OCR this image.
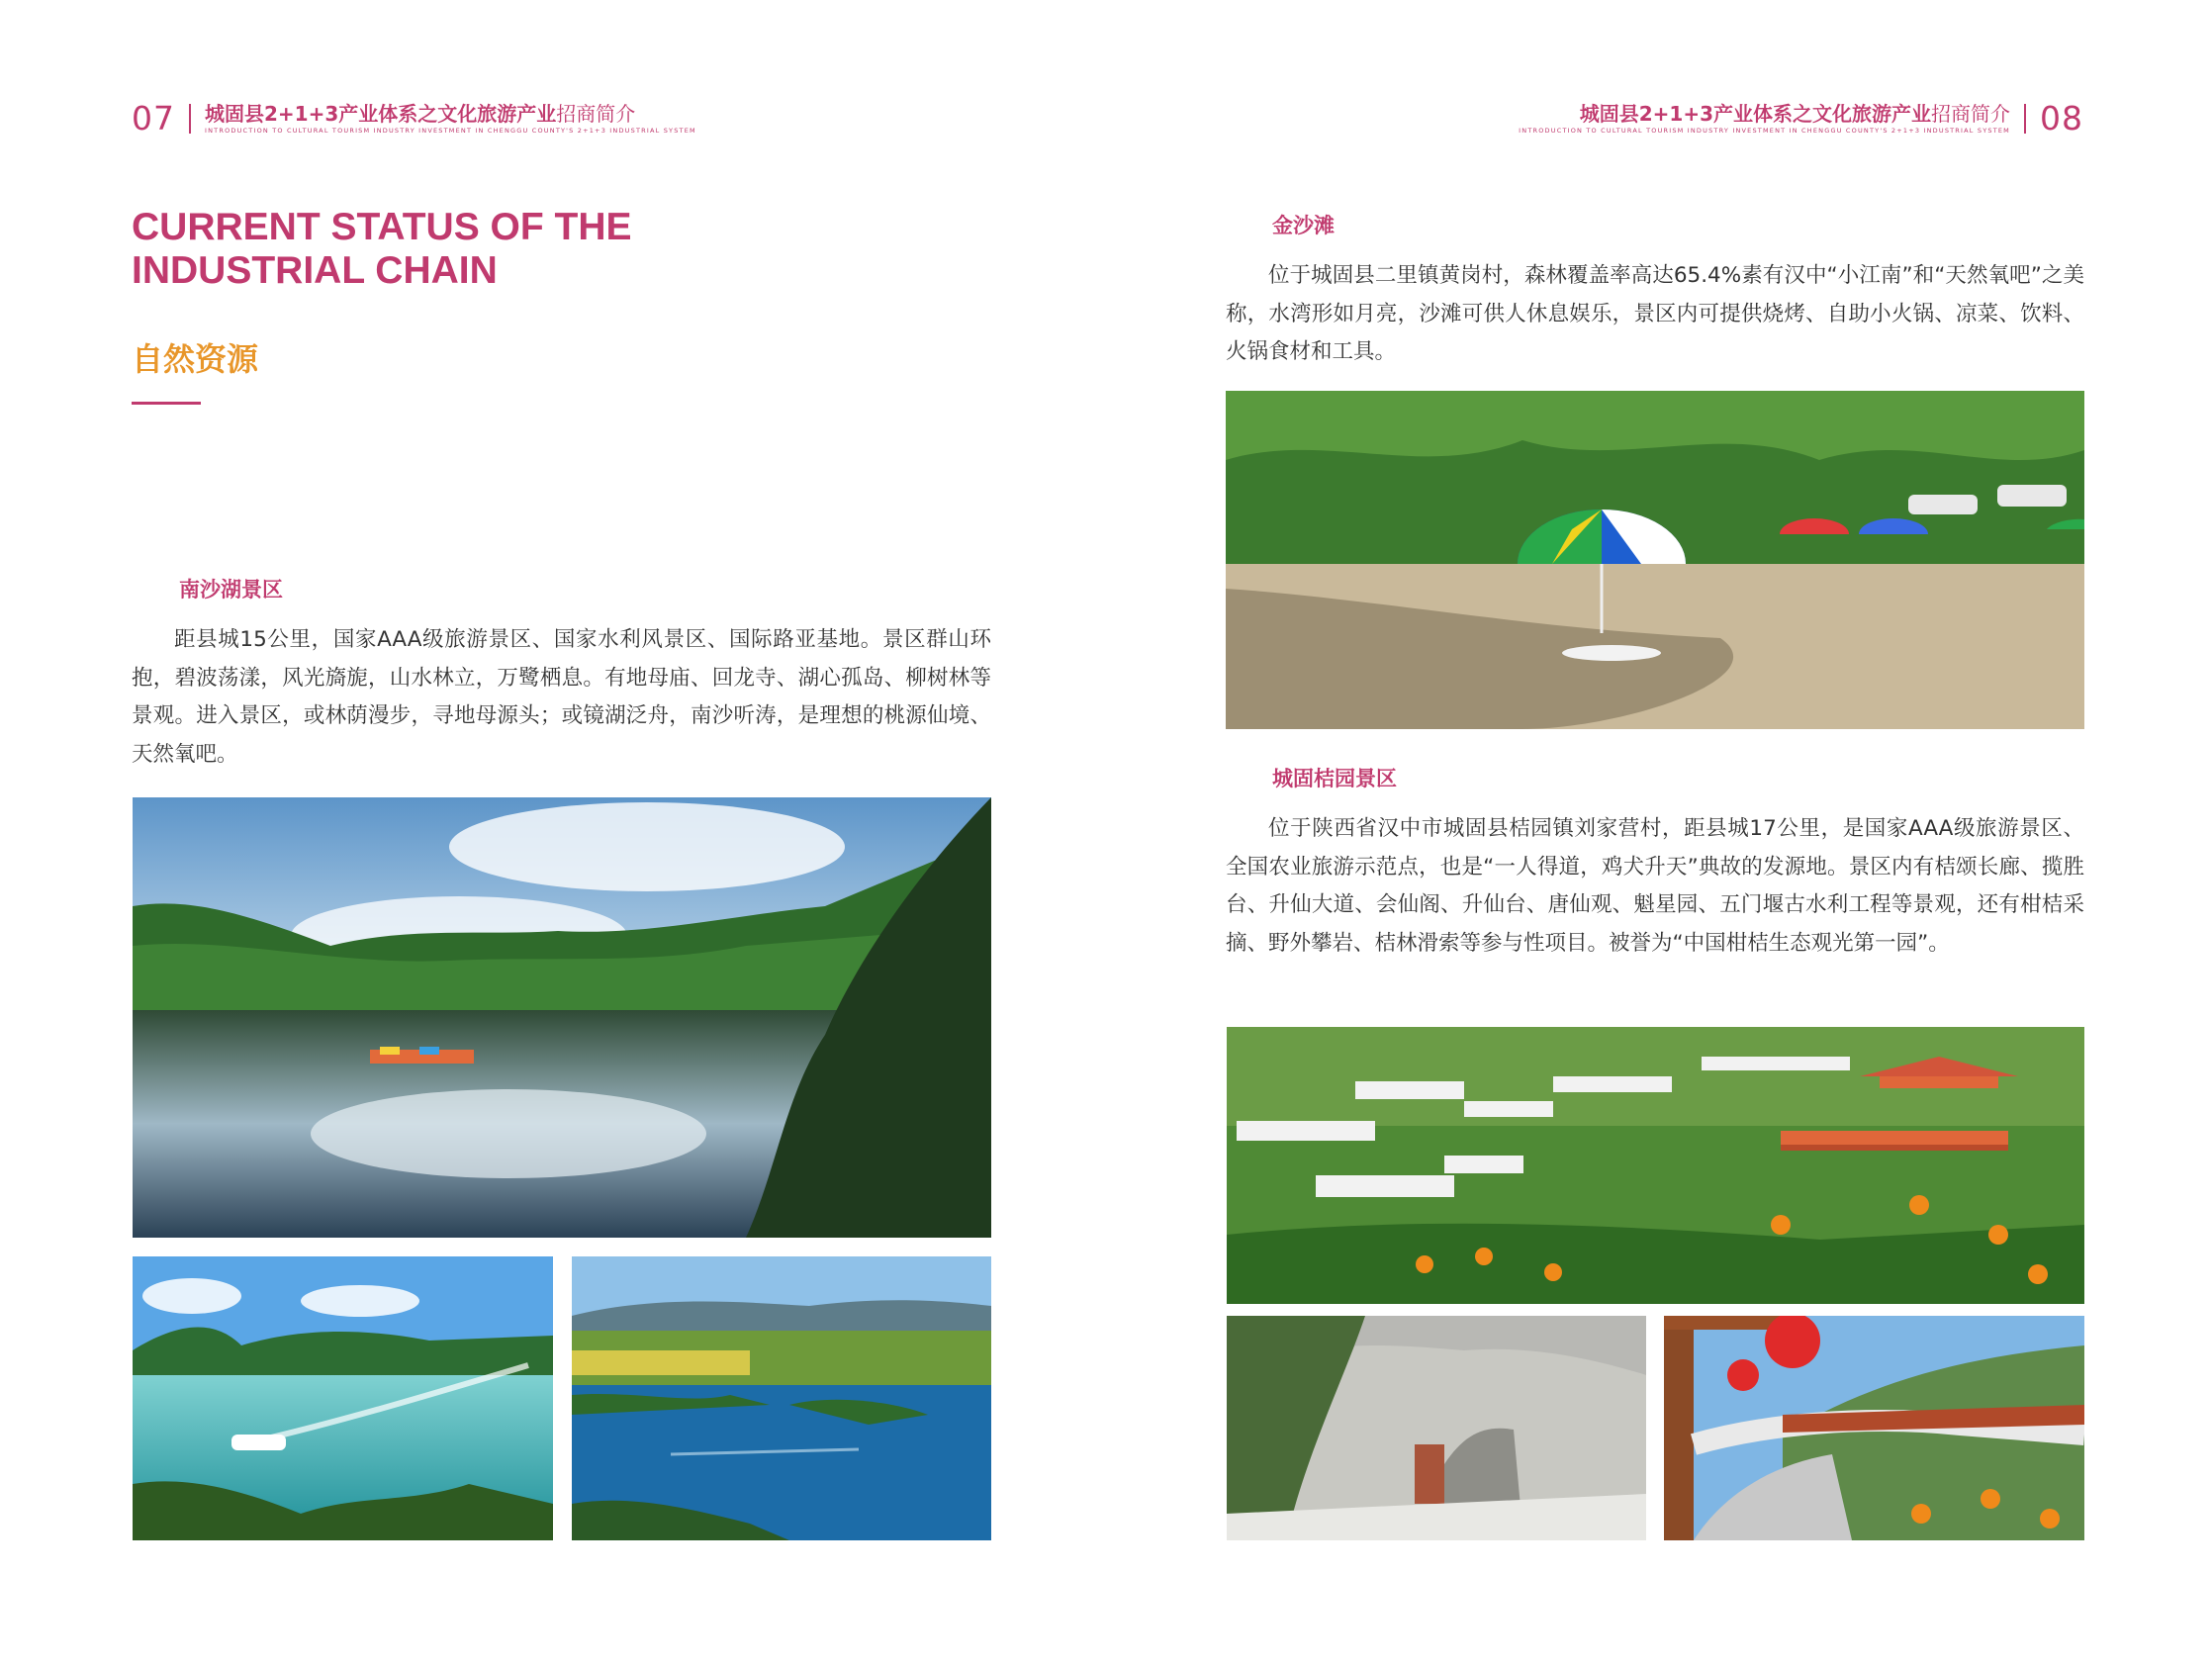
07 城固县2+1+3产业体系之文化旅游产业招商简介
INTRODUCTION TO CULTURAL TOURISM INDUSTRY INVESTMENT IN CHENGGU COUNTY'S 2+1+3 INDUSTRIAL SYSTEM
CURRENT STATUS OF THE
INDUSTRIAL CHAIN
自然资源
南沙湖景区

距县城15公里，国家AAA级旅游景区、国家水利风景区、国际路亚基地。景区群山环抱，碧波荡漾，风光旖旎，山水林立，万鹭栖息。有地母庙、回龙寺、湖心孤岛、柳树林等景观。进入景区，或林荫漫步，寻地母源头；或镜湖泛舟，南沙听涛，是理想的桃源仙境、天然氧吧。

城固县2+1+3产业体系之文化旅游产业招商简介
INTRODUCTION TO CULTURAL TOURISM INDUSTRY INVESTMENT IN CHENGGU COUNTY'S 2+1+3 INDUSTRIAL SYSTEM 08
金沙滩

位于城固县二里镇黄岗村，森林覆盖率高达65.4%素有汉中“小江南”和“天然氧吧”之美称，水湾形如月亮，沙滩可供人休息娱乐，景区内可提供烧烤、自助小火锅、凉菜、饮料、火锅食材和工具。

城固桔园景区

位于陕西省汉中市城固县桔园镇刘家营村，距县城17公里，是国家AAA级旅游景区、全国农业旅游示范点，也是“一人得道，鸡犬升天”典故的发源地。景区内有桔颂长廊、揽胜台、升仙大道、会仙阁、升仙台、唐仙观、魁星园、五门堰古水利工程等景观，还有柑桔采摘、野外攀岩、桔林滑索等参与性项目。被誉为“中国柑桔生态观光第一园”。
